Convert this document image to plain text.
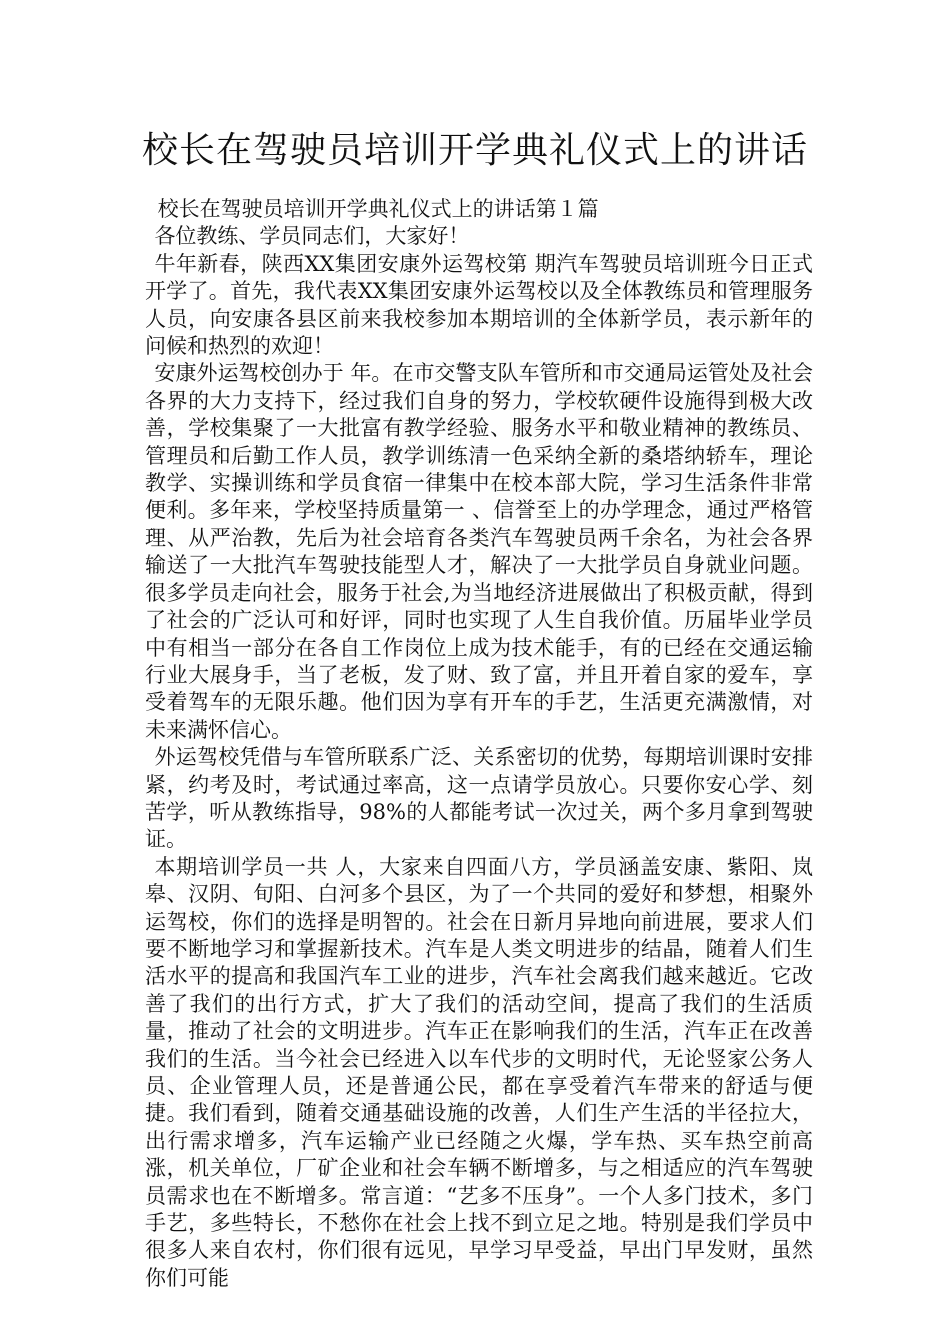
校长在驾驶员培训开学典礼仪式上的讲话

校长在驾驶员培训开学典礼仪式上的讲话第１篇

各位教练、学员同志们，大家好！

牛年新春，陕西XX集团安康外运驾校第 期汽车驾驶员培训班今日正式开学了。首先，我代表XX集团安康外运驾校以及全体教练员和管理服务人员，向安康各县区前来我校参加本期培训的全体新学员，表示新年的问候和热烈的欢迎！

安康外运驾校创办于 年。在市交警支队车管所和市交通局运管处及社会各界的大力支持下，经过我们自身的努力，学校软硬件设施得到极大改善，学校集聚了一大批富有教学经验、服务水平和敬业精神的教练员、管理员和后勤工作人员，教学训练清一色采纳全新的桑塔纳轿车，理论教学、实操训练和学员食宿一律集中在校本部大院，学习生活条件非常便利。多年来，学校坚持质量第一 、信誉至上的办学理念，通过严格管理、从严治教，先后为社会培育各类汽车驾驶员两千余名，为社会各界输送了一大批汽车驾驶技能型人才，解决了一大批学员自身就业问题。很多学员走向社会，服务于社会,为当地经济进展做出了积极贡献，得到了社会的广泛认可和好评，同时也实现了人生自我价值。历届毕业学员中有相当一部分在各自工作岗位上成为技术能手，有的已经在交通运输行业大展身手，当了老板，发了财、致了富，并且开着自家的爱车，享受着驾车的无限乐趣。他们因为享有开车的手艺，生活更充满激情，对未来满怀信心。

外运驾校凭借与车管所联系广泛、关系密切的优势，每期培训课时安排紧，约考及时，考试通过率高，这一点请学员放心。只要你安心学、刻苦学，听从教练指导，98%的人都能考试一次过关，两个多月拿到驾驶证。

本期培训学员一共 人，大家来自四面八方，学员涵盖安康、紫阳、岚皋、汉阴、旬阳、白河多个县区，为了一个共同的爱好和梦想，相聚外运驾校，你们的选择是明智的。社会在日新月异地向前进展，要求人们要不断地学习和掌握新技术。汽车是人类文明进步的结晶，随着人们生活水平的提高和我国汽车工业的进步，汽车社会离我们越来越近。它改善了我们的出行方式，扩大了我们的活动空间，提高了我们的生活质量，推动了社会的文明进步。汽车正在影响我们的生活，汽车正在改善我们的生活。当今社会已经进入以车代步的文明时代，无论竖家公务人员、企业管理人员，还是普通公民，都在享受着汽车带来的舒适与便捷。我们看到，随着交通基础设施的改善，人们生产生活的半径拉大，出行需求增多，汽车运输产业已经随之火爆，学车热、买车热空前高涨，机关单位，厂矿企业和社会车辆不断增多，与之相适应的汽车驾驶员需求也在不断增多。常言道：“艺多不压身”。一个人多门技术，多门手艺，多些特长，不愁你在社会上找不到立足之地。特别是我们学员中很多人来自农村，你们很有远见，早学习早受益，早出门早发财，虽然你们可能
